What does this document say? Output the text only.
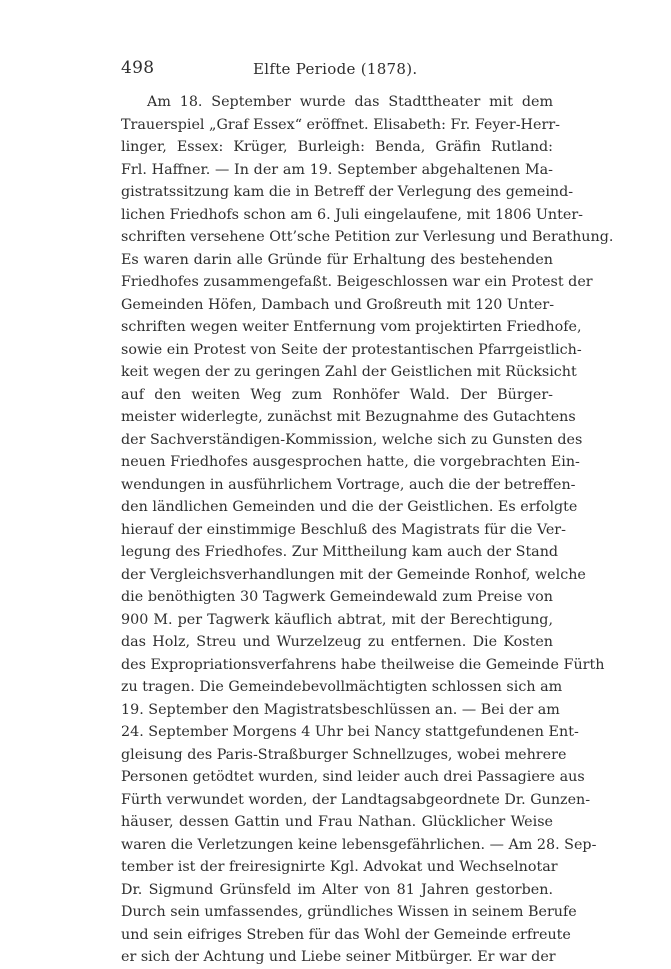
498	Elfte Periode (1878).
Am 18. September wurde das Stadttheater mit dem
Trauerspiel „Graf Essex“ eröffnet. Elisabeth: Fr. Feyer-Herr-
linger, Essex: Krüger, Burleigh: Benda, Gräfin Rutland:
Frl. Haffner. — In der am 19. September abgehaltenen Ma-
gistratssitzung kam die in Betreff der Verlegung des gemeind-
lichen Friedhofs schon am 6. Juli eingelaufene, mit 1806 Unter-
schriften versehene Ott’sche Petition zur Verlesung und Berathung.
Es waren darin alle Gründe für Erhaltung des bestehenden
Friedhofes zusammengefaßt. Beigeschlossen war ein Protest der
Gemeinden Höfen, Dambach und Großreuth mit 120 Unter-
schriften wegen weiter Entfernung vom projektirten Friedhofe,
sowie ein Protest von Seite der protestantischen Pfarrgeistlich-
keit wegen der zu geringen Zahl der Geistlichen mit Rücksicht
auf den weiten Weg zum Ronhöfer Wald. Der Bürger-
meister widerlegte, zunächst mit Bezugnahme des Gutachtens
der Sachverständigen-Kommission, welche sich zu Gunsten des
neuen Friedhofes ausgesprochen hatte, die vorgebrachten Ein-
wendungen in ausführlichem Vortrage, auch die der betreffen-
den ländlichen Gemeinden und die der Geistlichen. Es erfolgte
hierauf der einstimmige Beschluß des Magistrats für die Ver-
legung des Friedhofes. Zur Mittheilung kam auch der Stand
der Vergleichsverhandlungen mit der Gemeinde Ronhof, welche
die benöthigten 30 Tagwerk Gemeindewald zum Preise von
900 M. per Tagwerk käuflich abtrat, mit der Berechtigung,
das Holz, Streu und Wurzelzeug zu entfernen. Die Kosten
des Expropriationsverfahrens habe theilweise die Gemeinde Fürth
zu tragen. Die Gemeindebevollmächtigten schlossen sich am
19. September den Magistratsbeschlüssen an. — Bei der am
24. September Morgens 4 Uhr bei Nancy stattgefundenen Ent-
gleisung des Paris-Straßburger Schnellzuges, wobei mehrere
Personen getödtet wurden, sind leider auch drei Passagiere aus
Fürth verwundet worden, der Landtagsabgeordnete Dr. Gunzen-
häuser, dessen Gattin und Frau Nathan. Glücklicher Weise
waren die Verletzungen keine lebensgefährlichen. — Am 28. Sep-
tember ist der freiresignirte Kgl. Advokat und Wechselnotar
Dr. Sigmund Grünsfeld im Alter von 81 Jahren gestorben.
Durch sein umfassendes, gründliches Wissen in seinem Berufe
und sein eifriges Streben für das Wohl der Gemeinde erfreute
er sich der Achtung und Liebe seiner Mitbürger. Er war der
